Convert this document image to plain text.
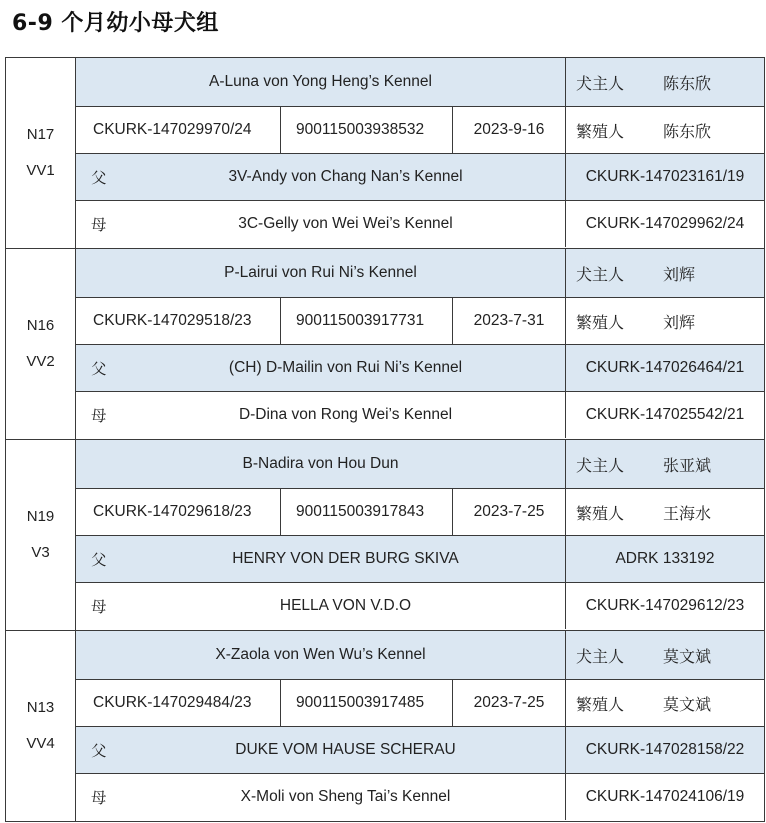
6-9 个月幼小母犬组
N17
VV1
A-Luna von Yong Heng’s Kennel	犬主人	陈东欣
CKURK-147029970/24	900115003938532	2023-9-16	繁殖人	陈东欣
父	3V-Andy von Chang Nan’s Kennel	CKURK-147023161/19
母	3C-Gelly von Wei Wei’s Kennel	CKURK-147029962/24
N16
VV2
P-Lairui von Rui Ni’s Kennel	犬主人	刘辉
CKURK-147029518/23	900115003917731	2023-7-31	繁殖人	刘辉
父	(CH) D-Mailin von Rui Ni’s Kennel	CKURK-147026464/21
母	D-Dina von Rong Wei’s Kennel	CKURK-147025542/21
N19
V3
B-Nadira von Hou Dun	犬主人	张亚斌
CKURK-147029618/23	900115003917843	2023-7-25	繁殖人	王海水
父	HENRY VON DER BURG SKIVA	ADRK 133192
母	HELLA VON V.D.O	CKURK-147029612/23
N13
VV4
X-Zaola von Wen Wu’s Kennel	犬主人	莫文斌
CKURK-147029484/23	900115003917485	2023-7-25	繁殖人	莫文斌
父	DUKE VOM HAUSE SCHERAU	CKURK-147028158/22
母	X-Moli von Sheng Tai’s Kennel	CKURK-147024106/19
